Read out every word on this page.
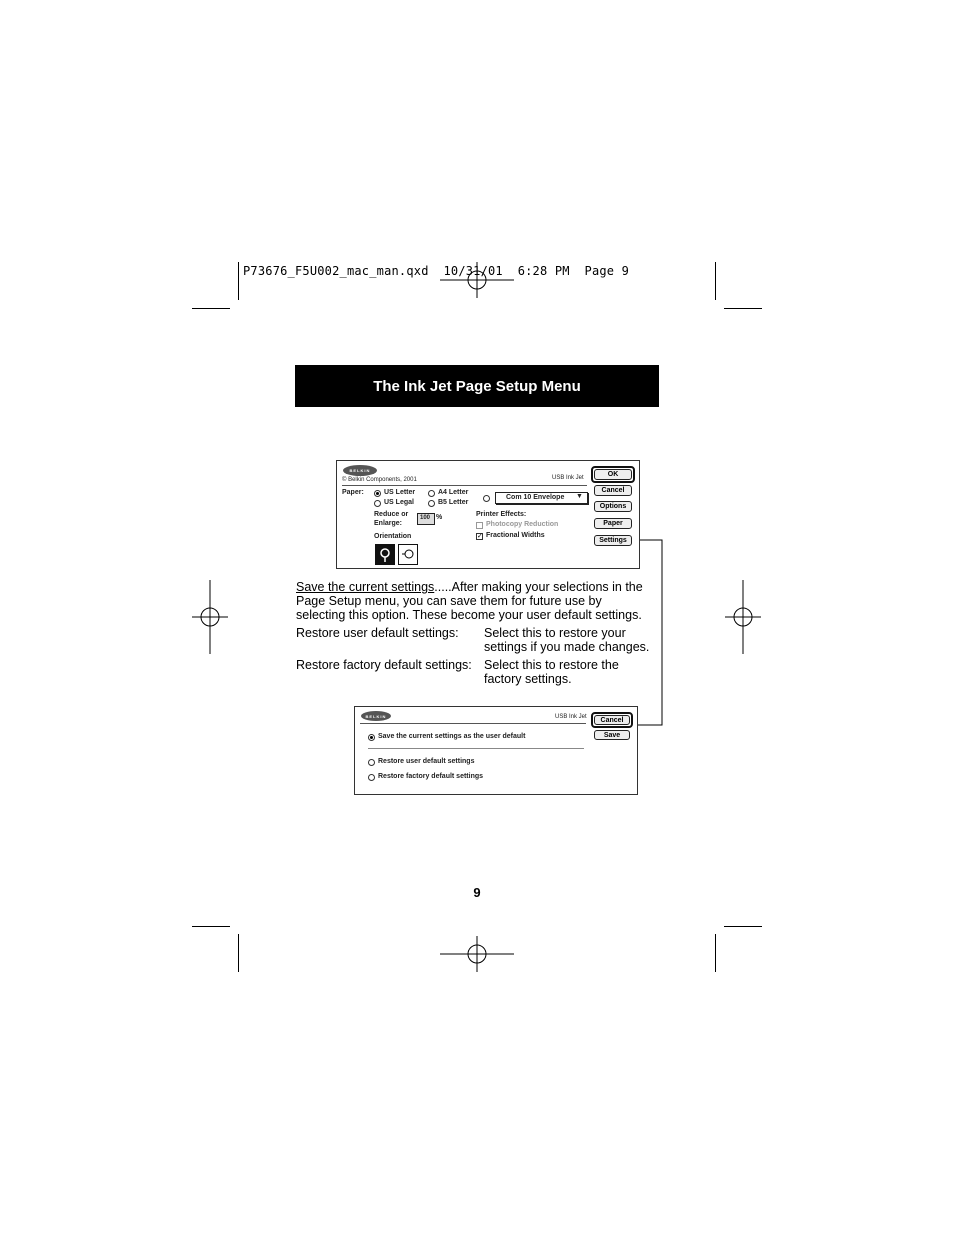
P73676_F5U002_mac_man.qxd  10/31/01  6:28 PM  Page 9
The Ink Jet Page Setup Menu
BELKIN
© Belkin Components, 2001	USB Ink Jet
Paper:	US Letter
US Legal
A4 Letter
B5 Letter
Com 10 Envelope ▼
Reduce or
Enlarge:
100 %
Orientation
Printer Effects:
Photocopy Reduction
✓ Fractional Widths
OK
Cancel
Options
Paper
Settings
Save the current settings.....After making your selections in the
Page Setup menu, you can save them for future use by
selecting this option. These become your user default settings.
Restore user default settings: Select this to restore your
settings if you made changes.
Restore factory default settings: Select this to restore the
factory settings.
BELKIN	USB Ink Jet
Save the current settings as the user default
Restore user default settings
Restore factory default settings
Cancel
Save
9
